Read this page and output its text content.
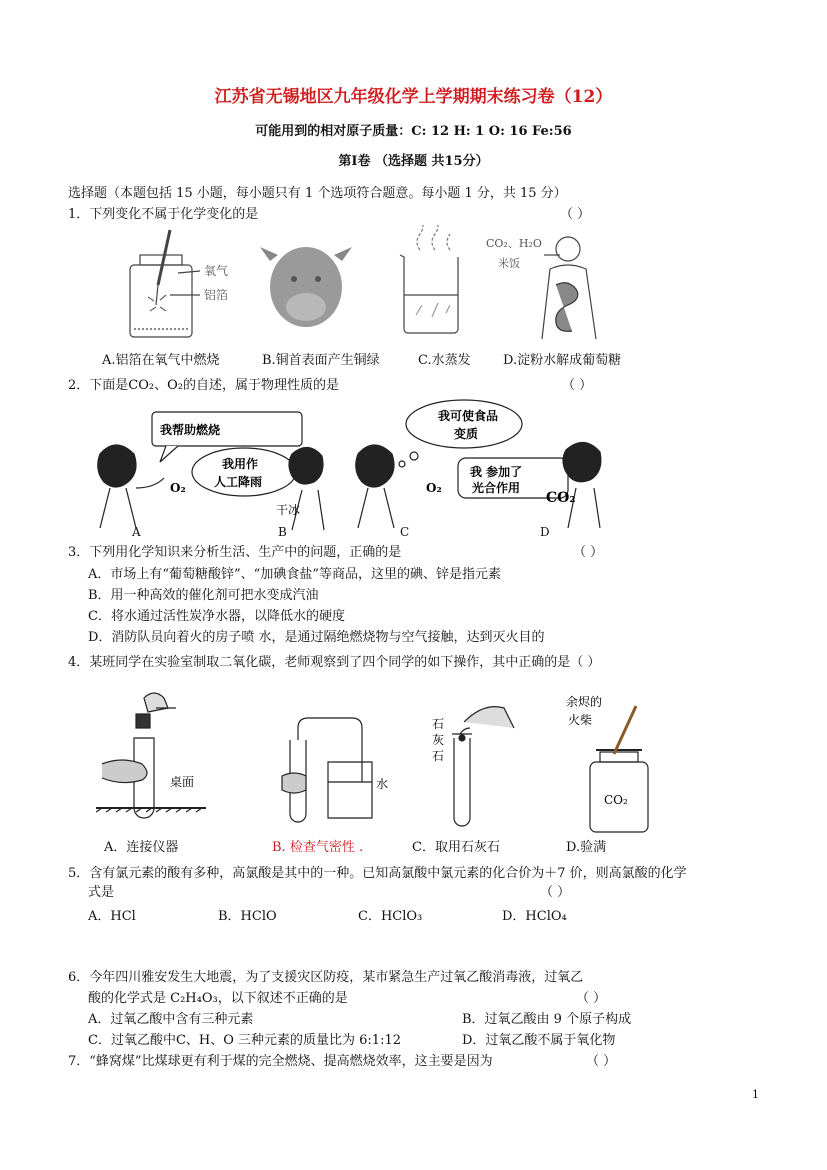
江苏省无锡地区九年级化学上学期期末练习卷（12）
可能用到的相对原子质量：C: 12 H: 1 O: 16 Fe:56
第Ⅰ卷 （选择题 共15分）
选择题（本题包括 15 小题，每小题只有 1 个选项符合题意。每小题 1 分，共 15 分）
1．下列变化不属于化学变化的是	（ ）
氧气
铝箔
CO₂、H₂O
米饭
A.铝箔在氧气中燃烧	B.铜首表面产生铜绿	C.水蒸发 D.淀粉水解成葡萄糖
2．下面是CO₂、O₂的自述，属于物理性质的是	（ ）
我帮助燃烧
我用作
人工降雨
我可使食品
变质
我 参加了
光合作用
O₂
干冰
O₂
CO₂
A	B	C	D
3．下列用化学知识来分析生活、生产中的问题，正确的是	（ ）
A．市场上有“葡萄糖酸锌”、“加碘食盐”等商品，这里的碘、锌是指元素
B．用一种高效的催化剂可把水变成汽油
C．将水通过活性炭净水器，以降低水的硬度
D．消防队员向着火的房子喷 水，是通过隔绝燃烧物与空气接触，达到灭火目的
4．某班同学在实验室制取二氧化碳，老师观察到了四个同学的如下操作，其中正确的是（ ）
桌面	水
石
灰
石
余烬的
火柴
CO₂
A．连接仪器	B. 检查气密性 .	C．取用石灰石	D.验满
5．含有氯元素的酸有多种，高氯酸是其中的一种。已知高氯酸中氯元素的化合价为＋7 价，则高氯酸的化学
式是	（ ）
A．HCl	B．HClO	C．HClO₃	D．HClO₄
6．今年四川雅安发生大地震，为了支援灾区防疫，某市紧急生产过氧乙酸消毒液，过氧乙
酸的化学式是 C₂H₄O₃，以下叙述不正确的是	（ ）
A．过氧乙酸中含有三种元素	B．过氧乙酸由 9 个原子构成
C．过氧乙酸中C、H、O 三种元素的质量比为 6:1:12	D．过氧乙酸不属于氧化物
7．“蜂窝煤”比煤球更有利于煤的完全燃烧、提高燃烧效率，这主要是因为	（ ）
1
